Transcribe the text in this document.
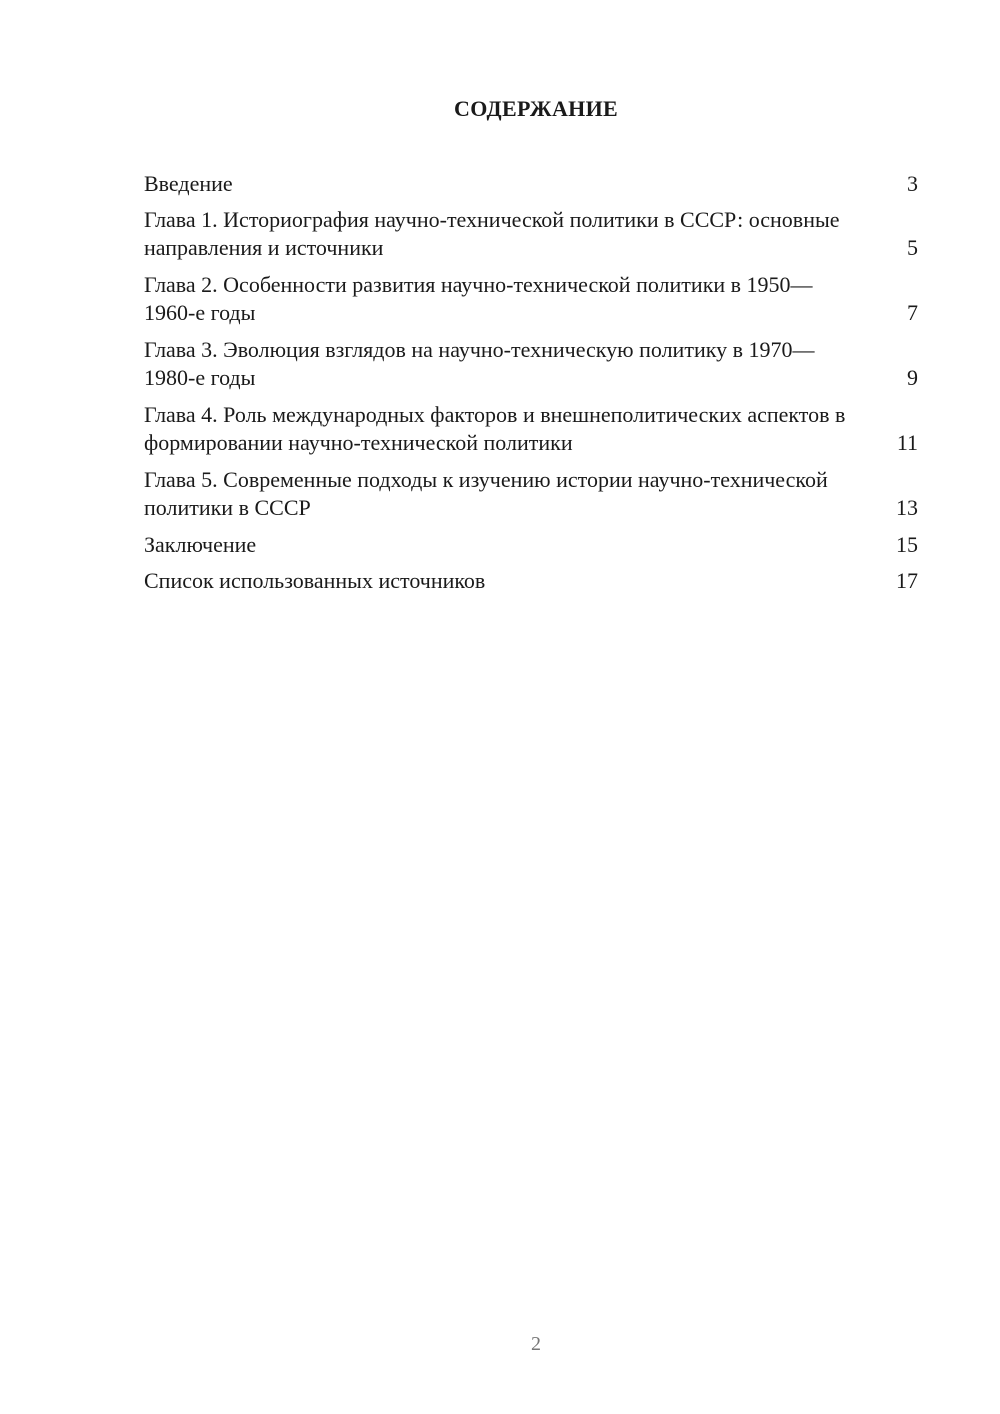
СОДЕРЖАНИЕ
Введение	3
Глава 1. Историография научно-технической политики в СССР: основные направления и источники	5
Глава 2. Особенности развития научно-технической политики в 1950—1960-е годы	7
Глава 3. Эволюция взглядов на научно-техническую политику в 1970—1980-е годы	9
Глава 4. Роль международных факторов и внешнеполитических аспектов в формировании научно-технической политики	11
Глава 5. Современные подходы к изучению истории научно-технической политики в СССР	13
Заключение	15
Список использованных источников	17
2
